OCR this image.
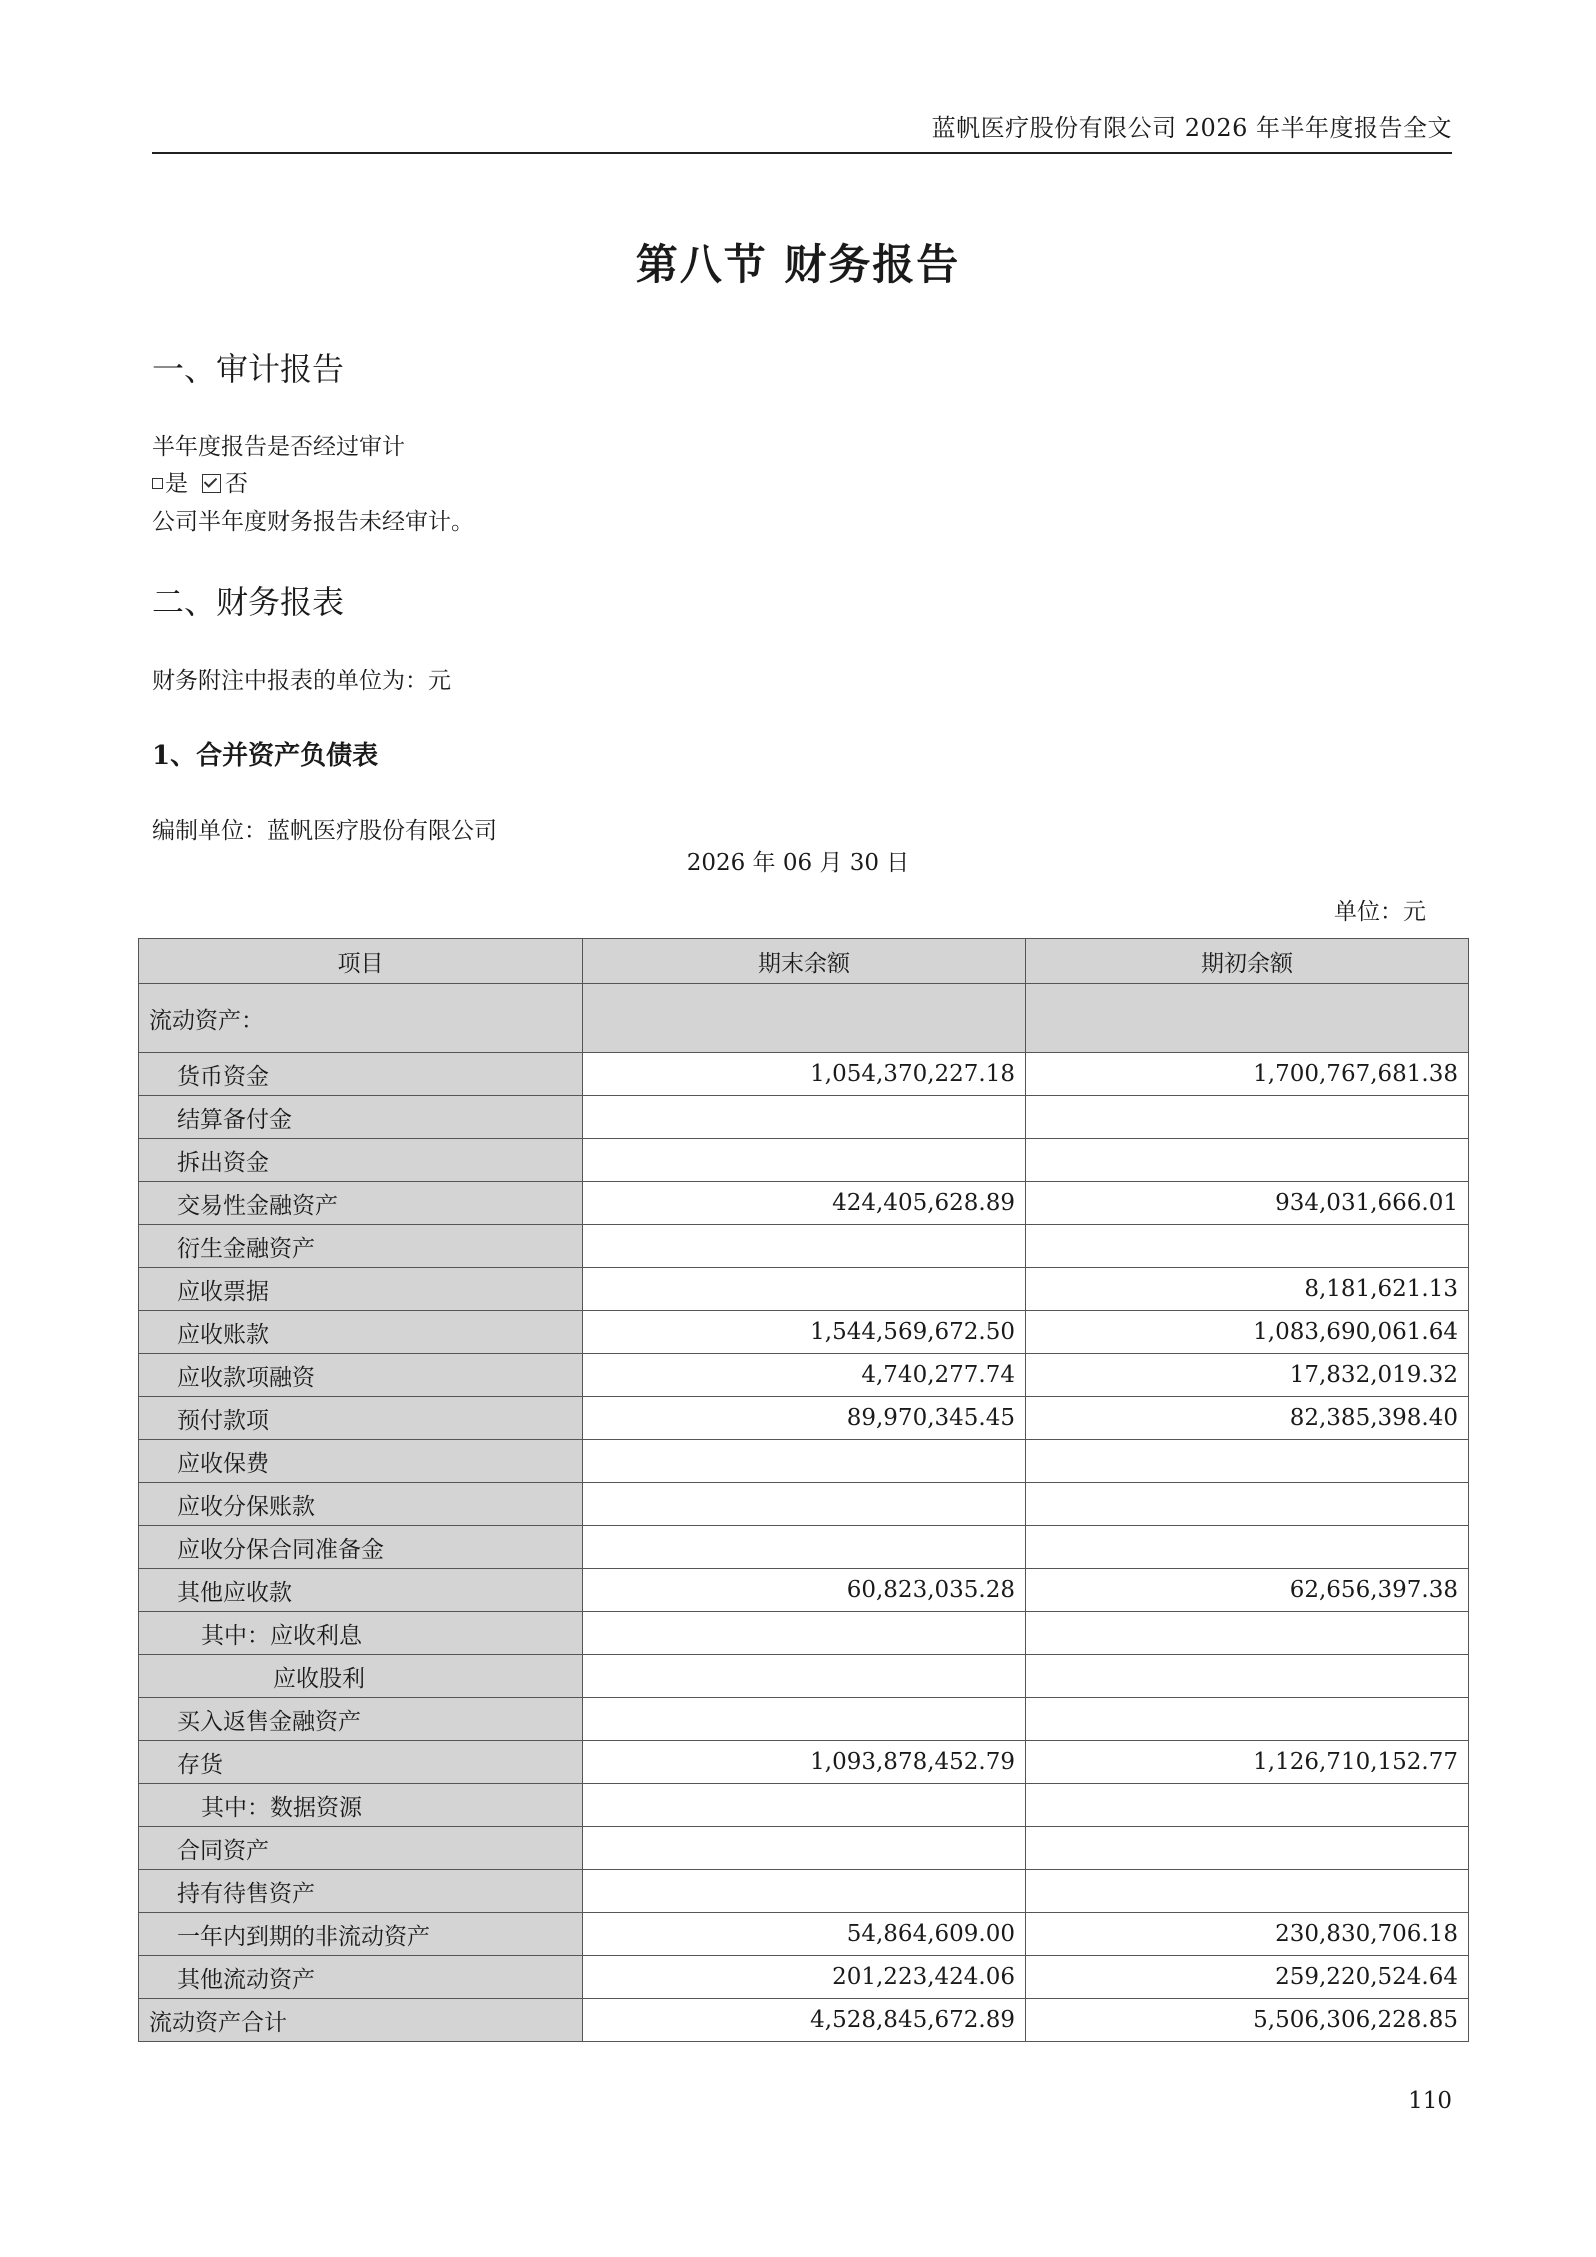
蓝帆医疗股份有限公司 2026 年半年度报告全文
第八节 财务报告
一、审计报告
半年度报告是否经过审计
是 否
公司半年度财务报告未经审计。
二、财务报表
财务附注中报表的单位为：元
1、合并资产负债表
编制单位：蓝帆医疗股份有限公司
2026 年 06 月 30 日
单位：元
项目	期末余额	期初余额
流动资产：		
货币资金	1,054,370,227.18	1,700,767,681.38
结算备付金		
拆出资金		
交易性金融资产	424,405,628.89	934,031,666.01
衍生金融资产		
应收票据		8,181,621.13
应收账款	1,544,569,672.50	1,083,690,061.64
应收款项融资	4,740,277.74	17,832,019.32
预付款项	89,970,345.45	82,385,398.40
应收保费		
应收分保账款		
应收分保合同准备金		
其他应收款	60,823,035.28	62,656,397.38
其中：应收利息		
应收股利		
买入返售金融资产		
存货	1,093,878,452.79	1,126,710,152.77
其中：数据资源		
合同资产		
持有待售资产		
一年内到期的非流动资产	54,864,609.00	230,830,706.18
其他流动资产	201,223,424.06	259,220,524.64
流动资产合计	4,528,845,672.89	5,506,306,228.85
110
